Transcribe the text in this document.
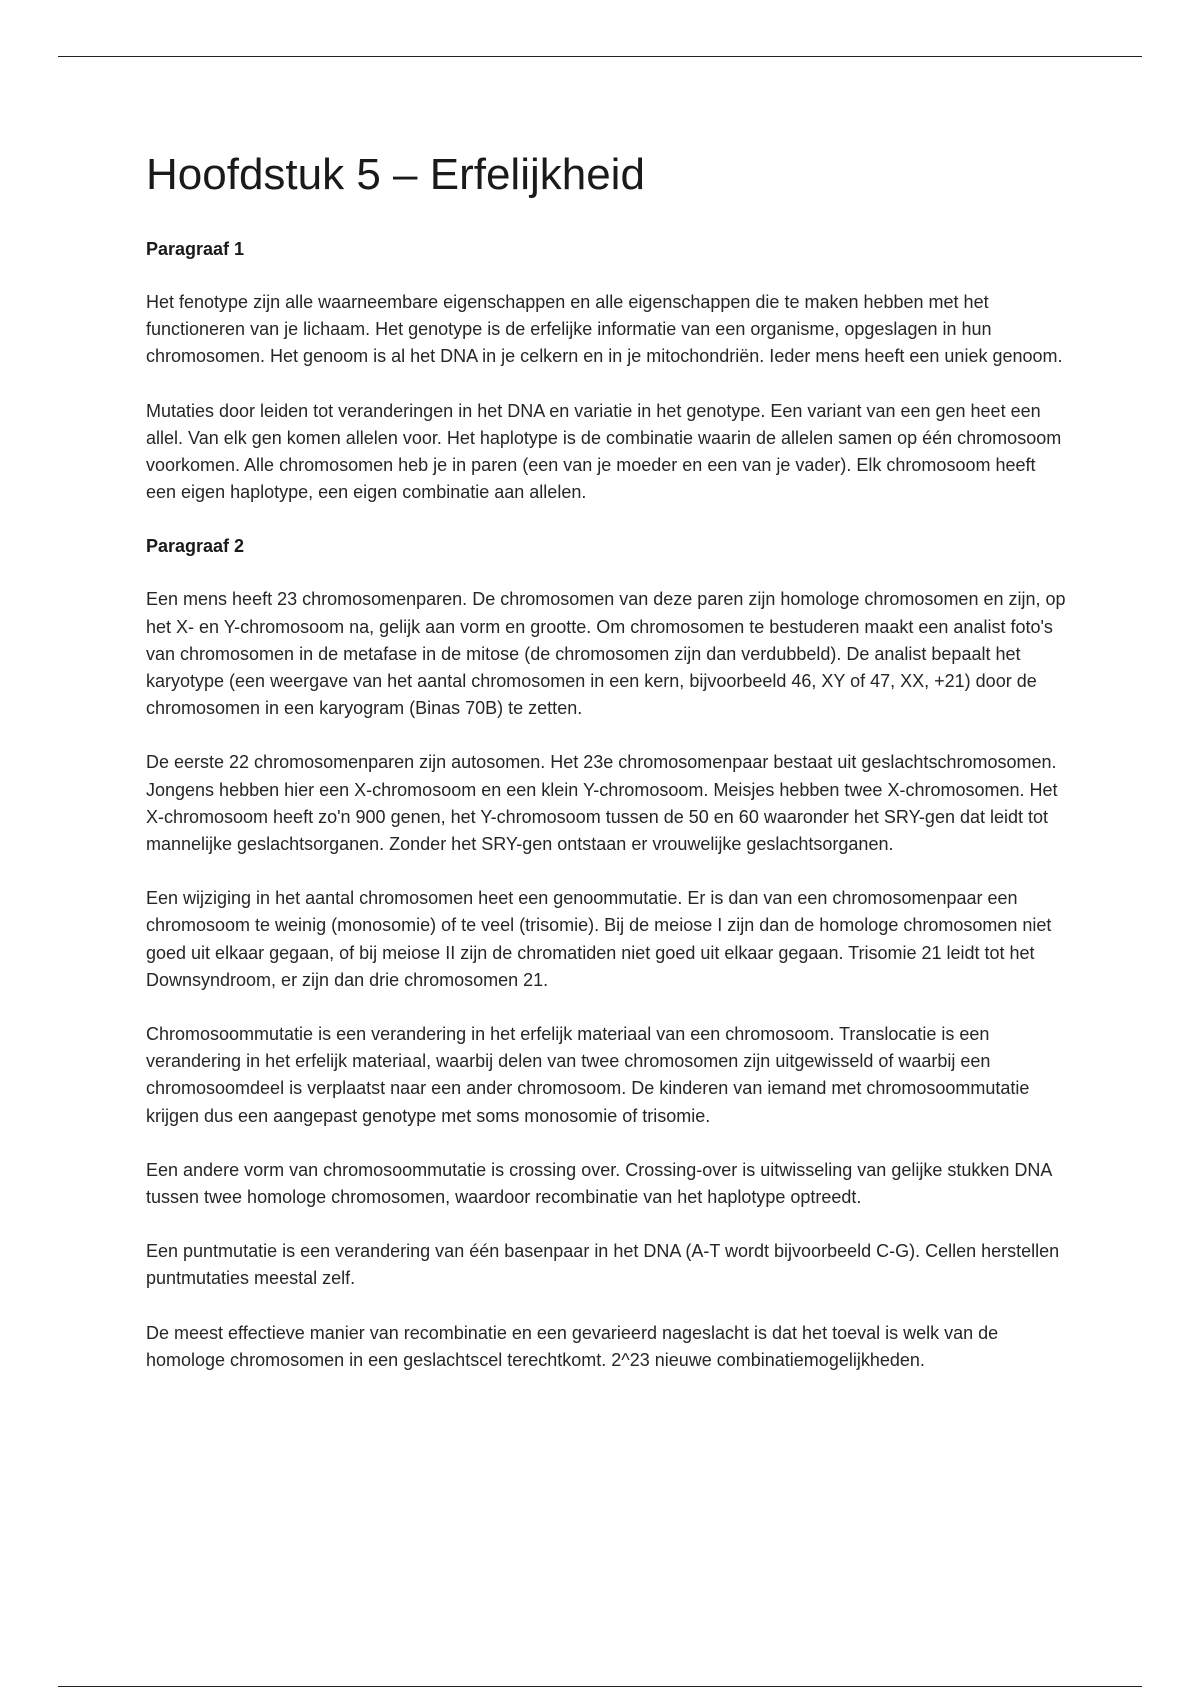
Hoofdstuk 5 – Erfelijkheid
Paragraaf 1

Het fenotype zijn alle waarneembare eigenschappen en alle eigenschappen die te maken hebben met het functioneren van je lichaam. Het genotype is de erfelijke informatie van een organisme, opgeslagen in hun chromosomen. Het genoom is al het DNA in je celkern en in je mitochondriën. Ieder mens heeft een uniek genoom.

Mutaties door leiden tot veranderingen in het DNA en variatie in het genotype. Een variant van een gen heet een allel. Van elk gen komen allelen voor. Het haplotype is de combinatie waarin de allelen samen op één chromosoom voorkomen. Alle chromosomen heb je in paren (een van je moeder en een van je vader). Elk chromosoom heeft een eigen haplotype, een eigen combinatie aan allelen.

Paragraaf 2

Een mens heeft 23 chromosomenparen. De chromosomen van deze paren zijn homologe chromosomen en zijn, op het X- en Y-chromosoom na, gelijk aan vorm en grootte. Om chromosomen te bestuderen maakt een analist foto's van chromosomen in de metafase in de mitose (de chromosomen zijn dan verdubbeld). De analist bepaalt het karyotype (een weergave van het aantal chromosomen in een kern, bijvoorbeeld 46, XY of 47, XX, +21) door de chromosomen in een karyogram (Binas 70B) te zetten.

De eerste 22 chromosomenparen zijn autosomen. Het 23e chromosomenpaar bestaat uit geslachtschromosomen. Jongens hebben hier een X-chromosoom en een klein Y-chromosoom. Meisjes hebben twee X-chromosomen. Het X-chromosoom heeft zo'n 900 genen, het Y-chromosoom tussen de 50 en 60 waaronder het SRY-gen dat leidt tot mannelijke geslachtsorganen. Zonder het SRY-gen ontstaan er vrouwelijke geslachtsorganen.

Een wijziging in het aantal chromosomen heet een genoommutatie. Er is dan van een chromosomenpaar een chromosoom te weinig (monosomie) of te veel (trisomie). Bij de meiose I zijn dan de homologe chromosomen niet goed uit elkaar gegaan, of bij meiose II zijn de chromatiden niet goed uit elkaar gegaan. Trisomie 21 leidt tot het Downsyndroom, er zijn dan drie chromosomen 21.

Chromosoommutatie is een verandering in het erfelijk materiaal van een chromosoom. Translocatie is een verandering in het erfelijk materiaal, waarbij delen van twee chromosomen zijn uitgewisseld of waarbij een chromosoomdeel is verplaatst naar een ander chromosoom. De kinderen van iemand met chromosoommutatie krijgen dus een aangepast genotype met soms monosomie of trisomie.

Een andere vorm van chromosoommutatie is crossing over. Crossing-over is uitwisseling van gelijke stukken DNA tussen twee homologe chromosomen, waardoor recombinatie van het haplotype optreedt.

Een puntmutatie is een verandering van één basenpaar in het DNA (A-T wordt bijvoorbeeld C-G). Cellen herstellen puntmutaties meestal zelf.

De meest effectieve manier van recombinatie en een gevarieerd nageslacht is dat het toeval is welk van de homologe chromosomen in een geslachtscel terechtkomt. 2^23 nieuwe combinatiemogelijkheden.
